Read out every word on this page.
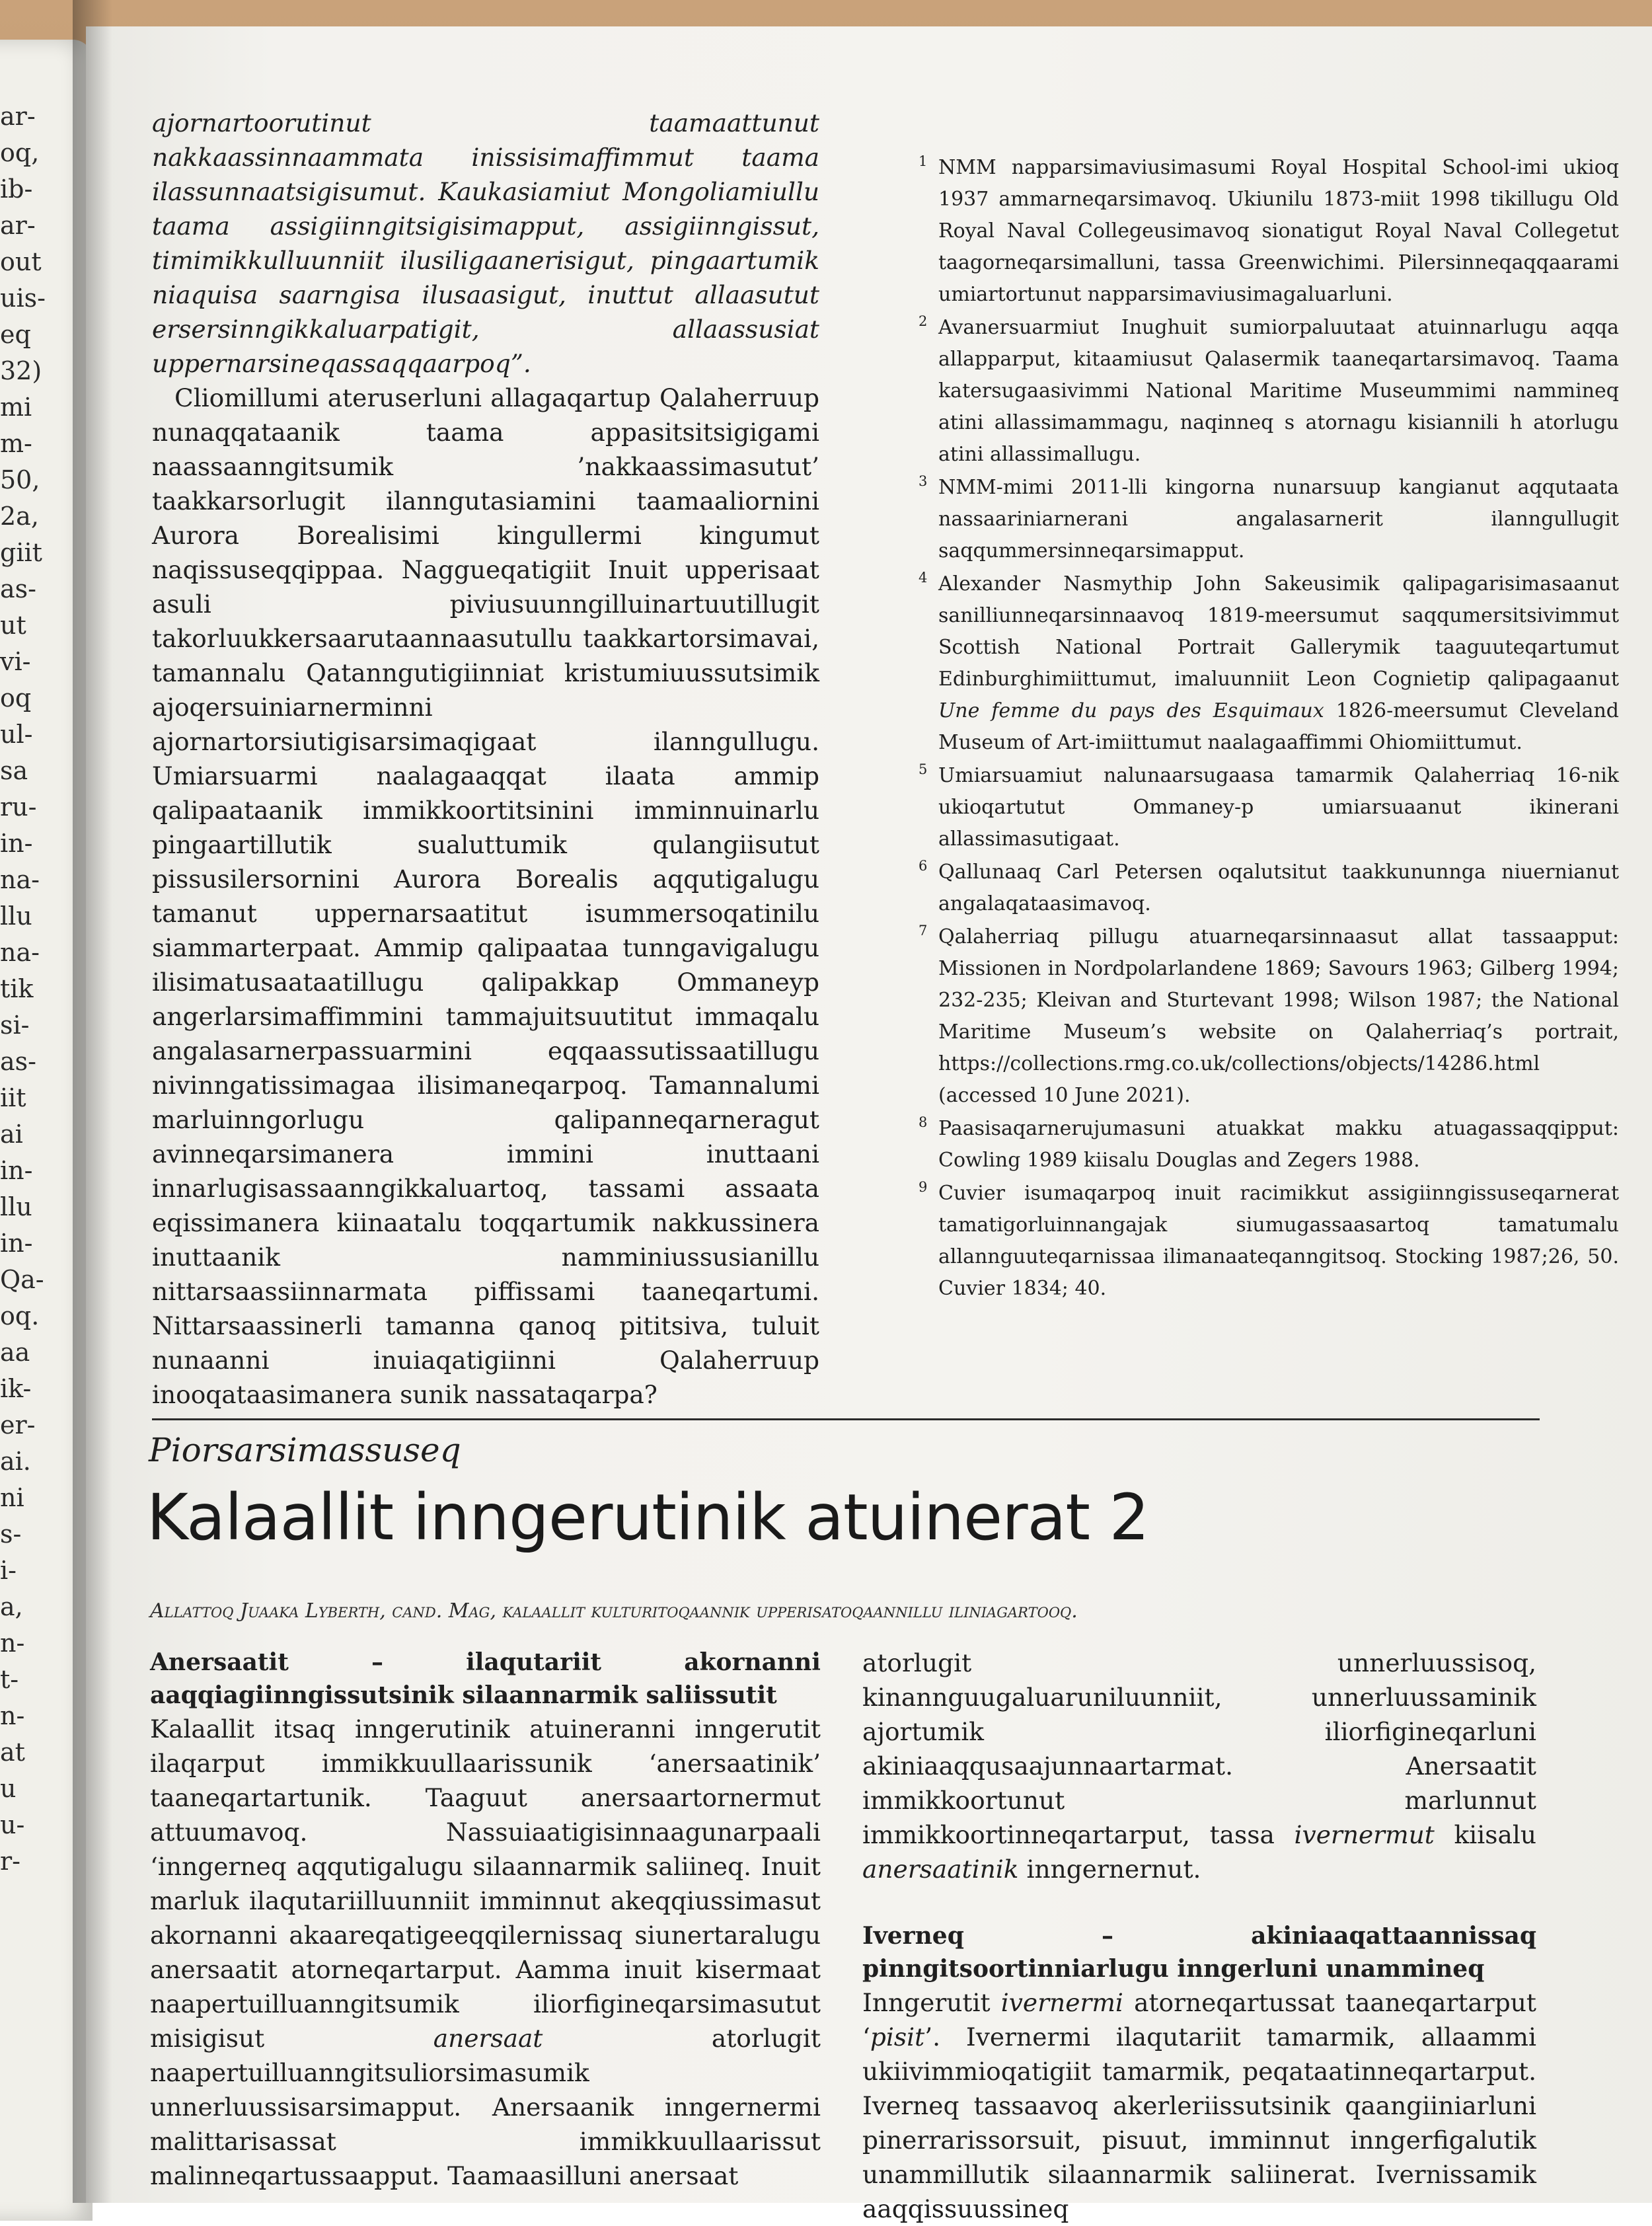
ar-
oq,
ib-
ar-
out
uis-
eq
32)
mi
m-
50,
2a,
giit
as-
ut
vi-
oq
ul-
sa
ru-
in-
na-
llu
na-
tik
si-
as-
iit
ai
in-
llu
in-
Qa-
oq.
aa
ik-
er-
ai.
ni
s-
i-
a,
n-
t-
n-
at
u
u-
r-

ajornartoorutinut taamaattunut nakkaassinnaammata inissisimaffimmut taama ilassunnaatsigisumut. Kaukasiamiut Mongoliamiullu taama assigiinngitsigisimapput, assigiinngissut, timimikkulluunniit ilusiligaanerisigut, pingaartumik niaquisa saarngisa ilusaasigut, inuttut allaasutut ersersinngikkaluarpatigit, allaassusiat uppernarsineqassaqqaarpoq”.

Cliomillumi ateruserluni allagaqartup Qalaherruup nunaqqataanik taama appasitsitsigigami naassaanngitsumik ’nakkaassimasutut’ taakkarsorlugit ilanngutasiamini taamaaliornini Aurora Borealisimi kingullermi kingumut naqissuseqqippaa. Naggueqatigiit Inuit upperisaat asuli piviusuunngilluinartuutillugit takorluukkersaarutaannaasutullu taakkartorsimavai, tamannalu Qatanngutigiinniat kristumiuussutsimik ajoqersuiniarnerminni ajornartorsiutigisarsimaqigaat ilanngullugu. Umiarsuarmi naalagaaqqat ilaata ammip qalipaataanik immikkoortitsinini imminnuinarlu pingaartillutik sualuttumik qulangiisutut pissusilersornini Aurora Borealis aqqutigalugu tamanut uppernarsaatitut isummersoqatinilu siammarterpaat. Ammip qalipaataa tunngavigalugu ilisimatusaataatillugu qalipakkap Ommaneyp angerlarsimaffimmini tammajuitsuutitut immaqalu angalasarnerpassuarmini eqqaassutissaatillugu nivinngatissimagaa ilisimaneqarpoq. Tamannalumi marluinngorlugu qalipanneqarneragut avinneqarsimanera immini inuttaani innarlugisassaanngikkaluartoq, tassami assaata eqissimanera kiinaatalu toqqartumik nakkussinera inuttaanik namminiussusianillu nittarsaassiinnarmata piffissami taaneqartumi. Nittarsaassinerli tamanna qanoq pititsiva, tuluit nunaanni inuiaqatigiinni Qalaherruup inooqataasimanera sunik nassataqarpa?

1 NMM napparsimaviusimasumi Royal Hospital School-imi ukioq 1937 ammarneqarsimavoq. Ukiunilu 1873-miit 1998 tikillugu Old Royal Naval Collegeusimavoq sionatigut Royal Naval Collegetut taagorneqarsimalluni, tassa Greenwichimi. Pilersinneqaqqaarami umiartortunut napparsimaviusimagaluarluni.
2 Avanersuarmiut Inughuit sumiorpaluutaat atuinnarlugu aqqa allapparput, kitaamiusut Qalasermik taaneqartarsimavoq. Taama katersugaasivimmi National Maritime Museummimi nammineq atini allassimammagu, naqinneq s atornagu kisiannili h atorlugu atini allassimallugu.
3 NMM-mimi 2011-lli kingorna nunarsuup kangianut aqqutaata nassaariniarnerani angalasarnerit ilanngullugit saqqummersinneqarsimapput.
4 Alexander Nasmythip John Sakeusimik qalipagarisimasaanut sanilliunneqarsinnaavoq 1819-meersumut saqqumersitsivimmut Scottish National Portrait Gallerymik taaguuteqartumut Edinburghimiittumut, imaluunniit Leon Cognietip qalipagaanut Une femme du pays des Esquimaux 1826-meersumut Cleveland Museum of Art-imiittumut naalagaaffimmi Ohiomiittumut.
5 Umiarsuamiut nalunaarsugaasa tamarmik Qalaherriaq 16-nik ukioqartutut Ommaney-p umiarsuaanut ikinerani allassimasutigaat.
6 Qallunaaq Carl Petersen oqalutsitut taakkununnga niuernianut angalaqataasimavoq.
7 Qalaherriaq pillugu atuarneqarsinnaasut allat tassaapput: Missionen in Nordpolarlandene 1869; Savours 1963; Gilberg 1994; 232-235; Kleivan and Sturtevant 1998; Wilson 1987; the National Maritime Museum’s website on Qalaherriaq’s portrait, https://collections.rmg.co.uk/collections/objects/14286.html (accessed 10 June 2021).
8 Paasisaqarnerujumasuni atuakkat makku atuagassaqqipput: Cowling 1989 kiisalu Douglas and Zegers 1988.
9 Cuvier isumaqarpoq inuit racimikkut assigiinngissuseqarnerat tamatigorluinnangajak siumugassaasartoq tamatumalu allannguuteqarnissaa ilimanaateqanngitsoq. Stocking 1987;26, 50. Cuvier 1834; 40.
Piorsarsimassuseq
Kalaallit inngerutinik atuinerat 2
Allattoq Juaaka Lyberth, cand. Mag, kalaallit kulturitoqaannik upperisatoqaannillu iliniagartooq.
Anersaatit – ilaqutariit akornanni aaqqiagiinngissutsinik silaannarmik saliissutit

Kalaallit itsaq inngerutinik atuineranni inngerutit ilaqarput immikkuullaarissunik ‘anersaatinik’ taaneqartartunik. Taaguut anersaartornermut attuumavoq. Nassuiaatigisinnaagunarpaali ‘inngerneq aqqutigalugu silaannarmik saliineq. Inuit marluk ilaqutariilluunniit imminnut akeqqiussimasut akornanni akaareqatigeeqqilernissaq siunertaralugu anersaatit atorneqartarput. Aamma inuit kisermaat naapertuilluanngitsumik iliorfigineqarsimasutut misigisut anersaat atorlugit naapertuilluanngitsuliorsimasumik unnerluussisarsimapput. Anersaanik inngernermi malittarisassat immikkuullaarissut malinneqartussaapput. Taamaasilluni anersaat

atorlugit unnerluussisoq, kinannguugaluaruniluunniit, unnerluussaminik ajortumik iliorfigineqarluni akiniaaqqusaajunnaartarmat. Anersaatit immikkoortunut marlunnut immikkoortinneqartarput, tassa ivernermut kiisalu anersaatinik inngernernut.

Iverneq – akiniaaqattaannissaq pinngitsoortinniarlugu inngerluni unammineq

Inngerutit ivernermi atorneqartussat taaneqartarput ‘pisit’. Ivernermi ilaqutariit tamarmik, allaammi ukiivimmioqatigiit tamarmik, peqataatinneqartarput. Iverneq tassaavoq akerleriissutsinik qaangiiniarluni pinerrarissorsuit, pisuut, imminnut inngerfigalutik unammillutik silaannarmik saliinerat. Ivernissamik aaqqissuussineq
